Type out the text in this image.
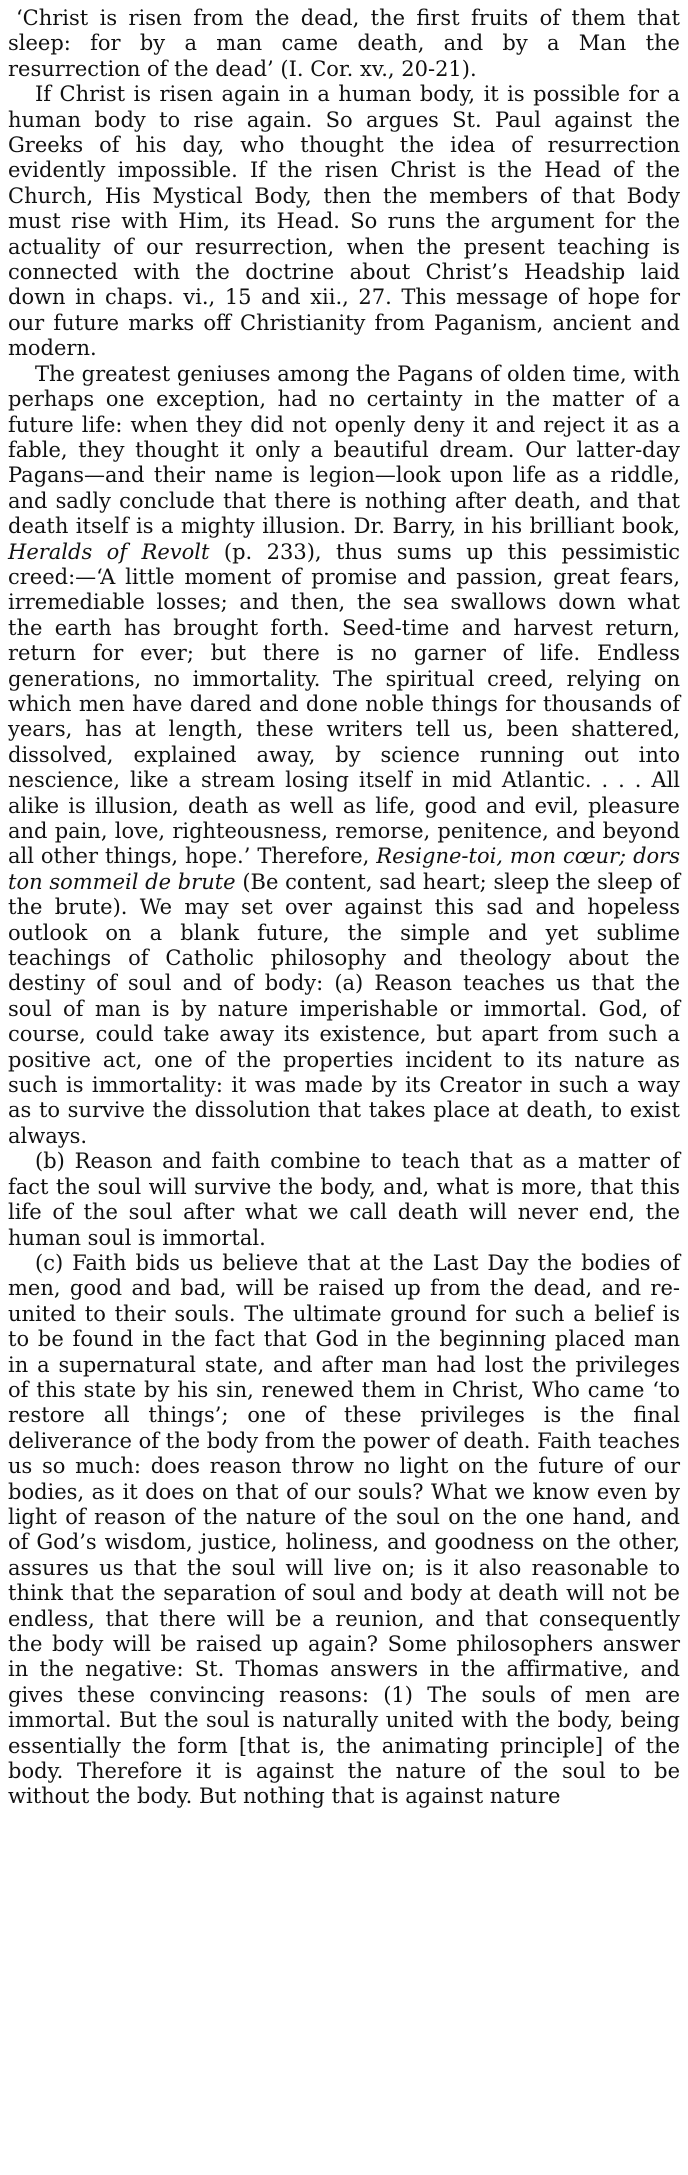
‘Christ is risen from the dead, the first fruits of them that sleep: for by a man came death, and by a Man the resurrection of the dead’ (I. Cor. xv., 20-21).

If Christ is risen again in a human body, it is possible for a human body to rise again. So argues St. Paul against the Greeks of his day, who thought the idea of resurrection evidently impossible. If the risen Christ is the Head of the Church, His Mystical Body, then the members of that Body must rise with Him, its Head. So runs the argument for the actuality of our resurrection, when the present teaching is connected with the doctrine about Christ’s Headship laid down in chaps. vi., 15 and xii., 27. This message of hope for our future marks off Christianity from Paganism, ancient and modern.

The greatest geniuses among the Pagans of olden time, with perhaps one exception, had no certainty in the matter of a future life: when they did not openly deny it and reject it as a fable, they thought it only a beautiful dream. Our latter-day Pagans—and their name is legion—look upon life as a riddle, and sadly conclude that there is nothing after death, and that death itself is a mighty illusion. Dr. Barry, in his brilliant book, Heralds of Revolt (p. 233), thus sums up this pessimistic creed:—‘A little moment of promise and passion, great fears, irremediable losses; and then, the sea swallows down what the earth has brought forth. Seed-time and harvest return, return for ever; but there is no garner of life. Endless generations, no immortality. The spiritual creed, relying on which men have dared and done noble things for thousands of years, has at length, these writers tell us, been shattered, dissolved, explained away, by science running out into nescience, like a stream losing itself in mid Atlantic. . . . All alike is illusion, death as well as life, good and evil, pleasure and pain, love, righteousness, remorse, penitence, and beyond all other things, hope.’ Therefore, Resigne-toi, mon cœur; dors ton sommeil de brute (Be content, sad heart; sleep the sleep of the brute). We may set over against this sad and hopeless outlook on a blank future, the simple and yet sublime teachings of Catholic philosophy and theology about the destiny of soul and of body: (a) Reason teaches us that the soul of man is by nature imperishable or immortal. God, of course, could take away its existence, but apart from such a positive act, one of the properties incident to its nature as such is immortality: it was made by its Creator in such a way as to survive the dissolution that takes place at death, to exist always.

(b) Reason and faith combine to teach that as a matter of fact the soul will survive the body, and, what is more, that this life of the soul after what we call death will never end, the human soul is immortal.

(c) Faith bids us believe that at the Last Day the bodies of men, good and bad, will be raised up from the dead, and re-united to their souls. The ultimate ground for such a belief is to be found in the fact that God in the beginning placed man in a supernatural state, and after man had lost the privileges of this state by his sin, renewed them in Christ, Who came ‘to restore all things’; one of these privileges is the final deliverance of the body from the power of death. Faith teaches us so much: does reason throw no light on the future of our bodies, as it does on that of our souls? What we know even by light of reason of the nature of the soul on the one hand, and of God’s wisdom, justice, holiness, and goodness on the other, assures us that the soul will live on; is it also reasonable to think that the separation of soul and body at death will not be endless, that there will be a reunion, and that consequently the body will be raised up again? Some philosophers answer in the negative: St. Thomas answers in the affirmative, and gives these convincing reasons: (1) The souls of men are immortal. But the soul is naturally united with the body, being essentially the form [that is, the animating principle] of the body. Therefore it is against the nature of the soul to be without the body. But nothing that is against nature
